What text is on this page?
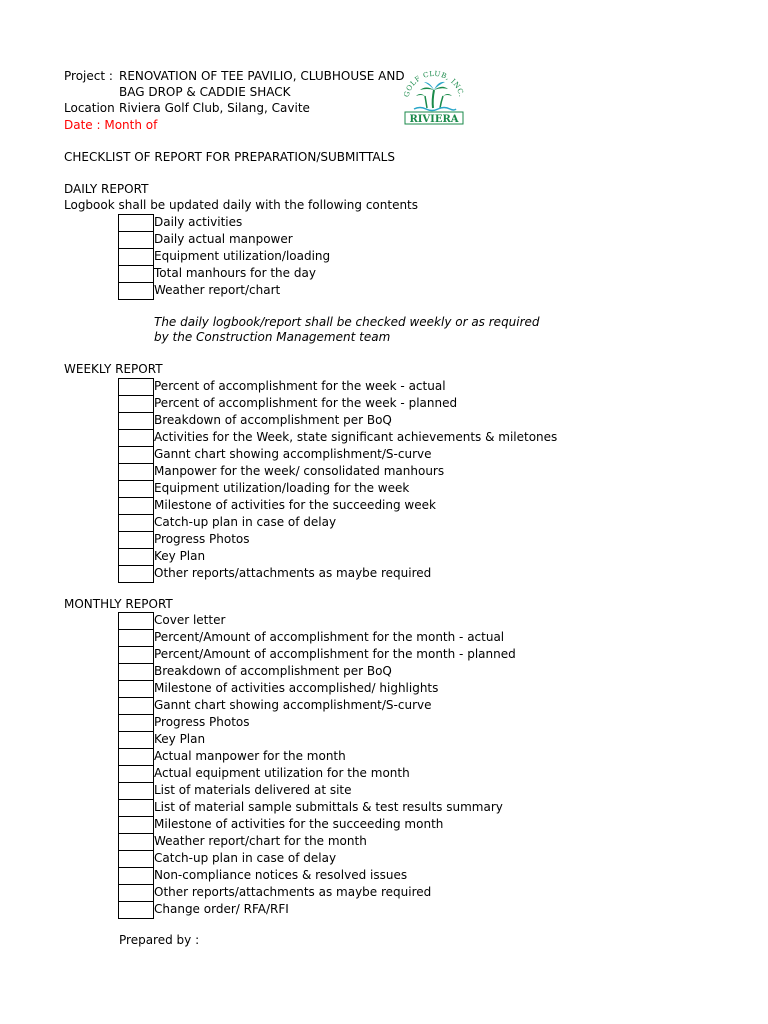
Project : RENOVATION OF TEE PAVILIO, CLUBHOUSE AND
BAG DROP & CADDIE SHACK
Location Riviera Golf Club, Silang, Cavite
Date : Month of
GOLF CLUB, INC.
RIVIERA
CHECKLIST OF REPORT FOR PREPARATION/SUBMITTALS
DAILY REPORT
Logbook shall be updated daily with the following contents
Daily activities
Daily actual manpower
Equipment utilization/loading
Total manhours for the day
Weather report/chart
The daily logbook/report shall be checked weekly or as required
by the Construction Management team
WEEKLY REPORT
Percent of accomplishment for the week - actual
Percent of accomplishment for the week - planned
Breakdown of accomplishment per BoQ
Activities for the Week, state significant achievements & miletones
Gannt chart showing accomplishment/S-curve
Manpower for the week/ consolidated manhours
Equipment utilization/loading for the week
Milestone of activities for the succeeding week
Catch-up plan in case of delay
Progress Photos
Key Plan
Other reports/attachments as maybe required
MONTHLY REPORT
Cover letter
Percent/Amount of accomplishment for the month - actual
Percent/Amount of accomplishment for the month - planned
Breakdown of accomplishment per BoQ
Milestone of activities accomplished/ highlights
Gannt chart showing accomplishment/S-curve
Progress Photos
Key Plan
Actual manpower for the month
Actual equipment utilization for the month
List of materials delivered at site
List of material sample submittals & test results summary
Milestone of activities for the succeeding month
Weather report/chart for the month
Catch-up plan in case of delay
Non-compliance notices & resolved issues
Other reports/attachments as maybe required
Change order/ RFA/RFI
Prepared by :
